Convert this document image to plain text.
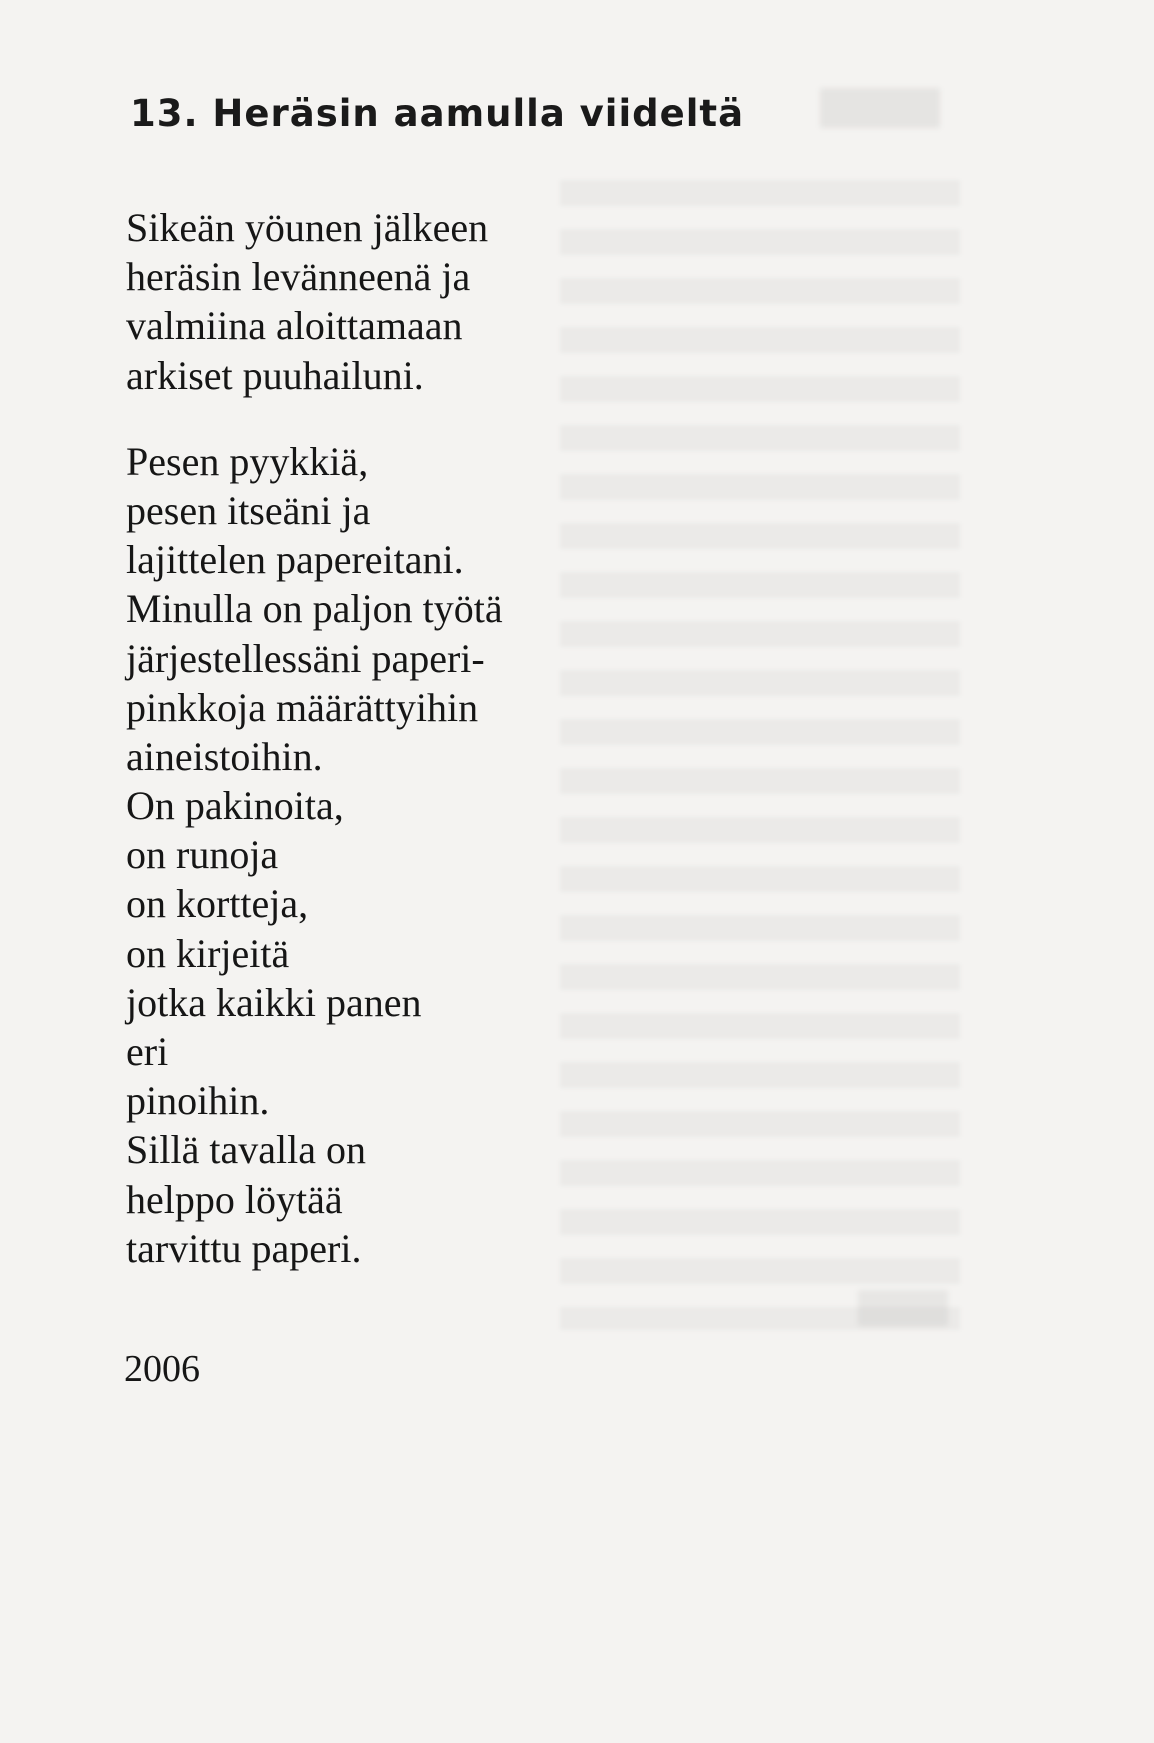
13. Heräsin aamulla viideltä
Sikeän yöunen jälkeen
heräsin levänneenä ja
valmiina aloittamaan
arkiset puuhailuni.
Pesen pyykkiä,
pesen itseäni ja
lajittelen papereitani.
Minulla on paljon työtä
järjestellessäni paperi-
pinkkoja määrättyihin
aineistoihin.
On pakinoita,
on runoja
on kortteja,
on kirjeitä
jotka kaikki panen
eri
pinoihin.
Sillä tavalla on
helppo löytää
tarvittu paperi.
2006
